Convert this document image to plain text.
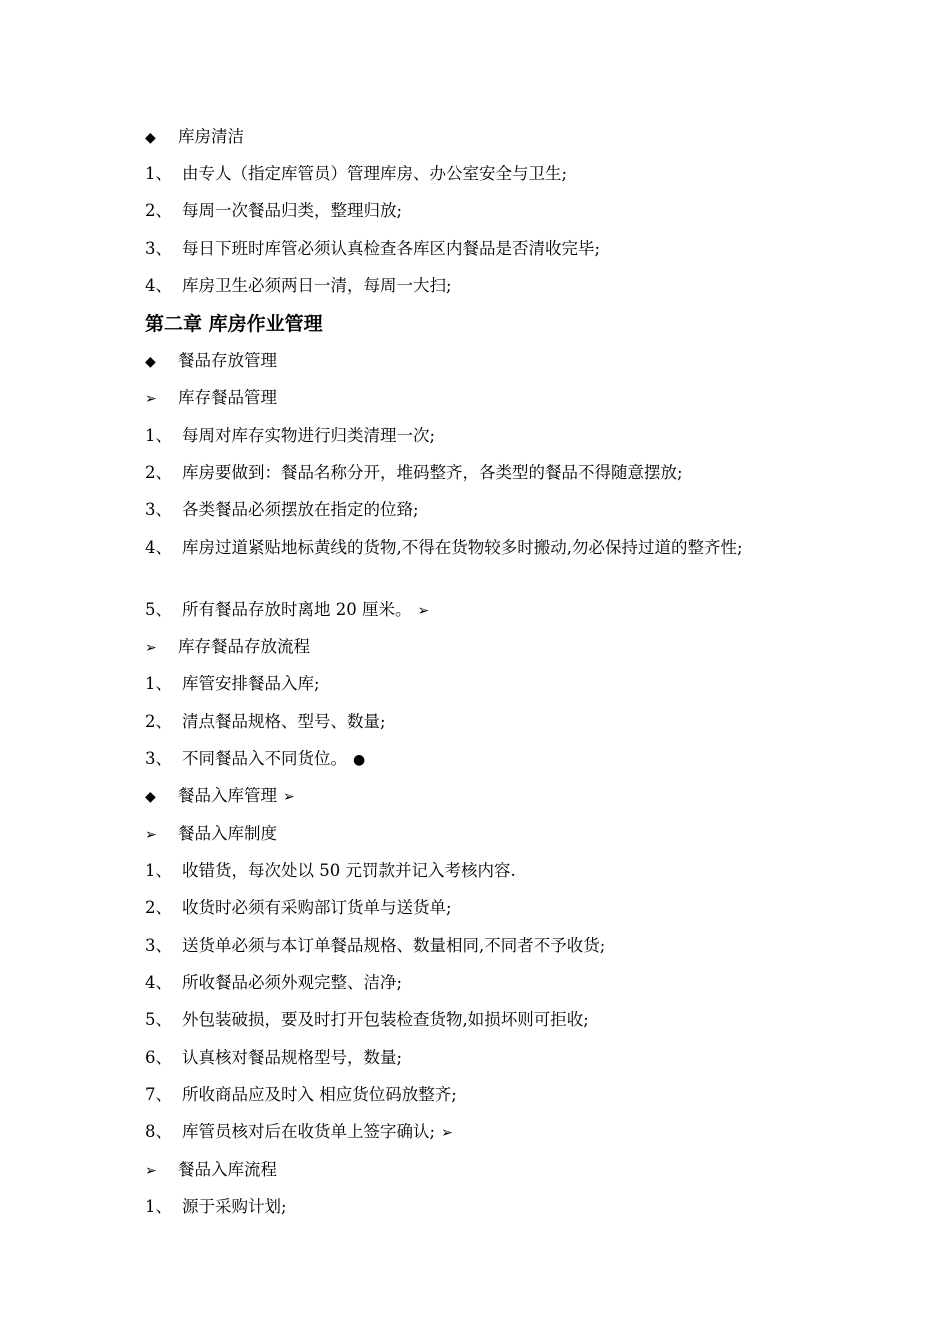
◆ 库房清洁
1、 由专人（指定库管员）管理库房、办公室安全与卫生;
2、 每周一次餐品归类，整理归放;
3、 每日下班时库管必须认真检查各库区内餐品是否清收完毕;
4、 库房卫生必须两日一清，每周一大扫;
第二章 库房作业管理
◆ 餐品存放管理
➢ 库存餐品管理
1、 每周对库存实物进行归类清理一次;
2、 库房要做到：餐品名称分开，堆码整齐，各类型的餐品不得随意摆放;
3、 各类餐品必须摆放在指定的位臵;
4、 库房过道紧贴地标黄线的货物,不得在货物较多时搬动,勿必保持过道的整齐性;
5、 所有餐品存放时离地 20 厘米。 ➢
➢ 库存餐品存放流程
1、 库管安排餐品入库;
2、 清点餐品规格、型号、数量;
3、 不同餐品入不同货位。 ●
◆ 餐品入库管理 ➢
➢ 餐品入库制度
1、 收错货，每次处以 50 元罚款并记入考核内容.
2、 收货时必须有采购部订货单与送货单;
3、 送货单必须与本订单餐品规格、数量相同,不同者不予收货;
4、 所收餐品必须外观完整、洁净;
5、 外包装破损，要及时打开包装检查货物,如损坏则可拒收;
6、 认真核对餐品规格型号，数量;
7、 所收商品应及时入 相应货位码放整齐;
8、 库管员核对后在收货单上签字确认; ➢
➢ 餐品入库流程
1、 源于采购计划;
